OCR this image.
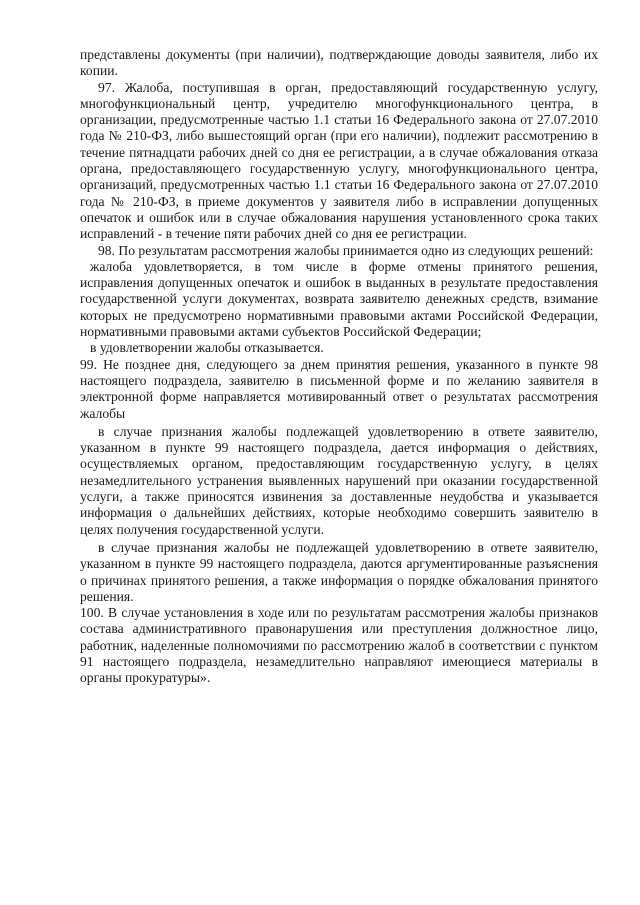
представлены документы (при наличии), подтверждающие доводы заявителя, либо их копии.

97. Жалоба, поступившая в орган, предоставляющий государственную услугу, многофункциональный центр, учредителю многофункционального центра, в организации, предусмотренные частью 1.1 статьи 16 Федерального закона от 27.07.2010 года № 210-ФЗ, либо вышестоящий орган (при его наличии), подлежит рассмотрению в течение пятнадцати рабочих дней со дня ее регистрации, а в случае обжалования отказа органа, предоставляющего государственную услугу, многофункционального центра, организаций, предусмотренных частью 1.1 статьи 16 Федерального закона от 27.07.2010 года № 210-ФЗ, в приеме документов у заявителя либо в исправлении допущенных опечаток и ошибок или в случае обжалования нарушения установленного срока таких исправлений - в течение пяти рабочих дней со дня ее регистрации.

98. По результатам рассмотрения жалобы принимается одно из следующих решений:

жалоба удовлетворяется, в том числе в форме отмены принятого решения, исправления допущенных опечаток и ошибок в выданных в результате предоставления государственной услуги документах, возврата заявителю денежных средств, взимание которых не предусмотрено нормативными правовыми актами Российской Федерации, нормативными правовыми актами субъектов Российской Федерации;

в удовлетворении жалобы отказывается.

99. Не позднее дня, следующего за днем принятия решения, указанного в пункте 98 настоящего подраздела, заявителю в письменной форме и по желанию заявителя в электронной форме направляется мотивированный ответ о результатах рассмотрения жалобы

в случае признания жалобы подлежащей удовлетворению в ответе заявителю, указанном в пункте 99 настоящего подраздела, дается информация о действиях, осуществляемых органом, предоставляющим государственную услугу, в целях незамедлительного устранения выявленных нарушений при оказании государственной услуги, а также приносятся извинения за доставленные неудобства и указывается информация о дальнейших действиях, которые необходимо совершить заявителю в целях получения государственной услуги.

в случае признания жалобы не подлежащей удовлетворению в ответе заявителю, указанном в пункте 99 настоящего подраздела, даются аргументированные разъяснения о причинах принятого решения, а также информация о порядке обжалования принятого решения.

100. В случае установления в ходе или по результатам рассмотрения жалобы признаков состава административного правонарушения или преступления должностное лицо, работник, наделенные полномочиями по рассмотрению жалоб в соответствии с пунктом 91 настоящего подраздела, незамедлительно направляют имеющиеся материалы в органы прокуратуры».
